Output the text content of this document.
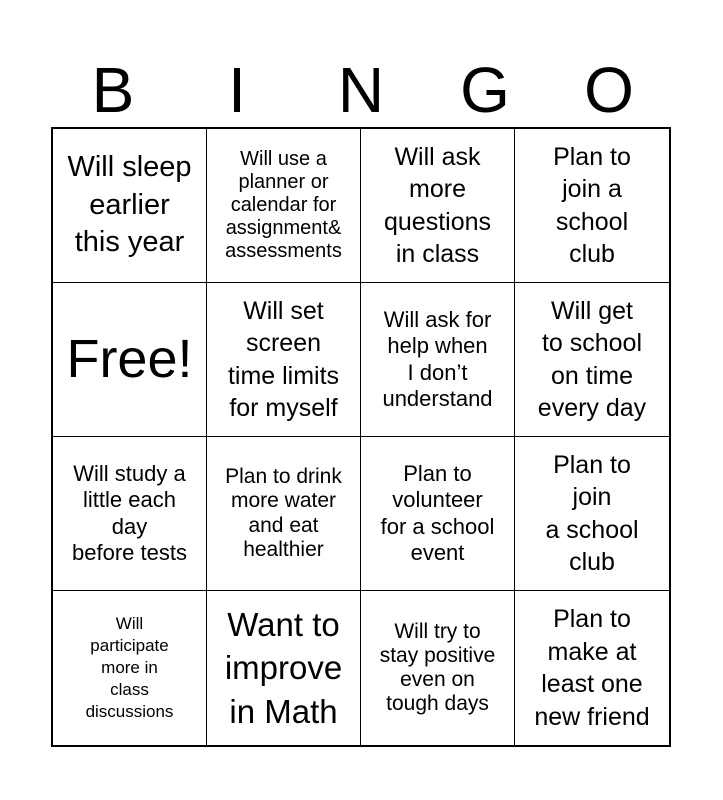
B	I	N	G	O
Will sleep
earlier
this year
Will use a
planner or
calendar for
assignment&
assessments
Will ask
more
questions
in class
Plan to
join a
school
club
Free!
Will set
screen
time limits
for myself
Will ask for
help when
I don’t
understand
Will get
to school
on time
every day
Will study a
little each
day
before tests
Plan to drink
more water
and eat
healthier
Plan to
volunteer
for a school
event
Plan to
join
a school
club
Will
participate
more in
class
discussions
Want to
improve
in Math
Will try to
stay positive
even on
tough days
Plan to
make at
least one
new friend
